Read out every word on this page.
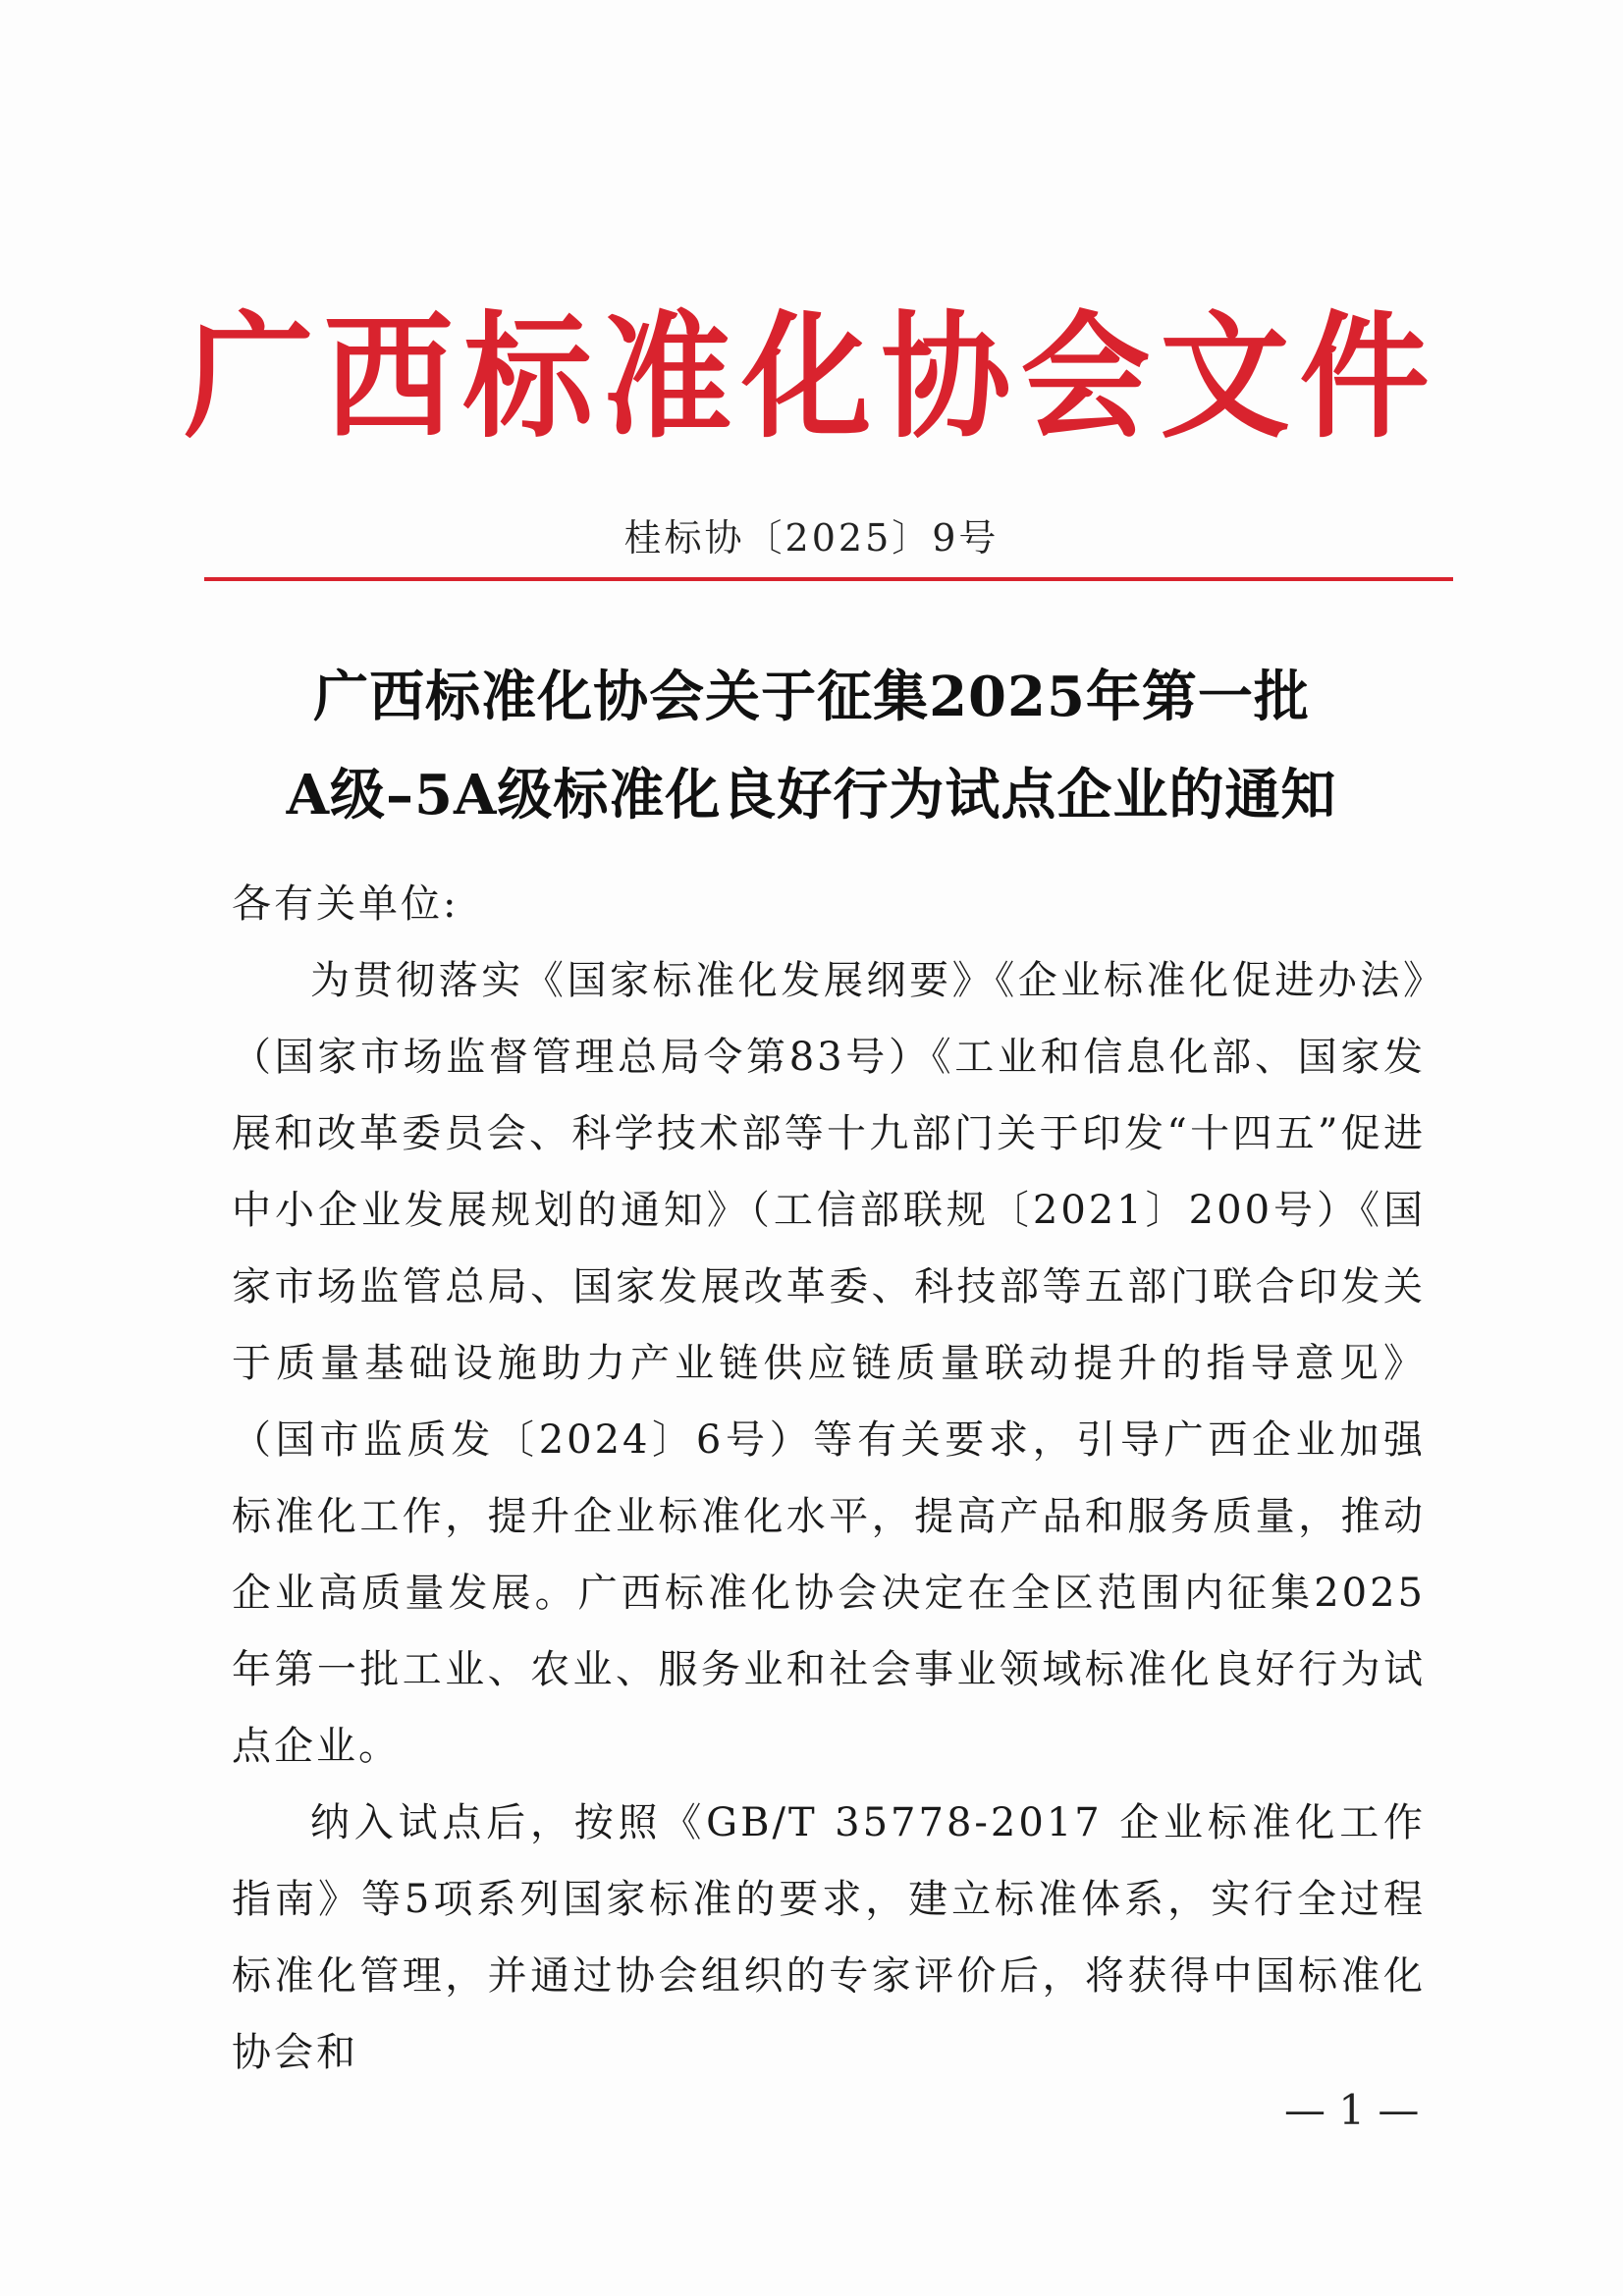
广西标准化协会文件
桂标协〔2025〕9号
广西标准化协会关于征集2025年第一批
A级–5A级标准化良好行为试点企业的通知

各有关单位:

为贯彻落实《国家标准化发展纲要》《企业标准化促进办法》（国家市场监督管理总局令第83号）《工业和信息化部、国家发展和改革委员会、科学技术部等十九部门关于印发“十四五”促进中小企业发展规划的通知》（工信部联规〔2021〕200号）《国家市场监管总局、国家发展改革委、科技部等五部门联合印发关于质量基础设施助力产业链供应链质量联动提升的指导意见》（国市监质发〔2024〕6号）等有关要求，引导广西企业加强标准化工作，提升企业标准化水平，提高产品和服务质量，推动企业高质量发展。广西标准化协会决定在全区范围内征集2025年第一批工业、农业、服务业和社会事业领域标准化良好行为试点企业。

纳入试点后，按照《GB/T 35778-2017 企业标准化工作指南》等5项系列国家标准的要求，建立标准体系，实行全过程标准化管理，并通过协会组织的专家评价后，将获得中国标准化协会和

— 1 —
